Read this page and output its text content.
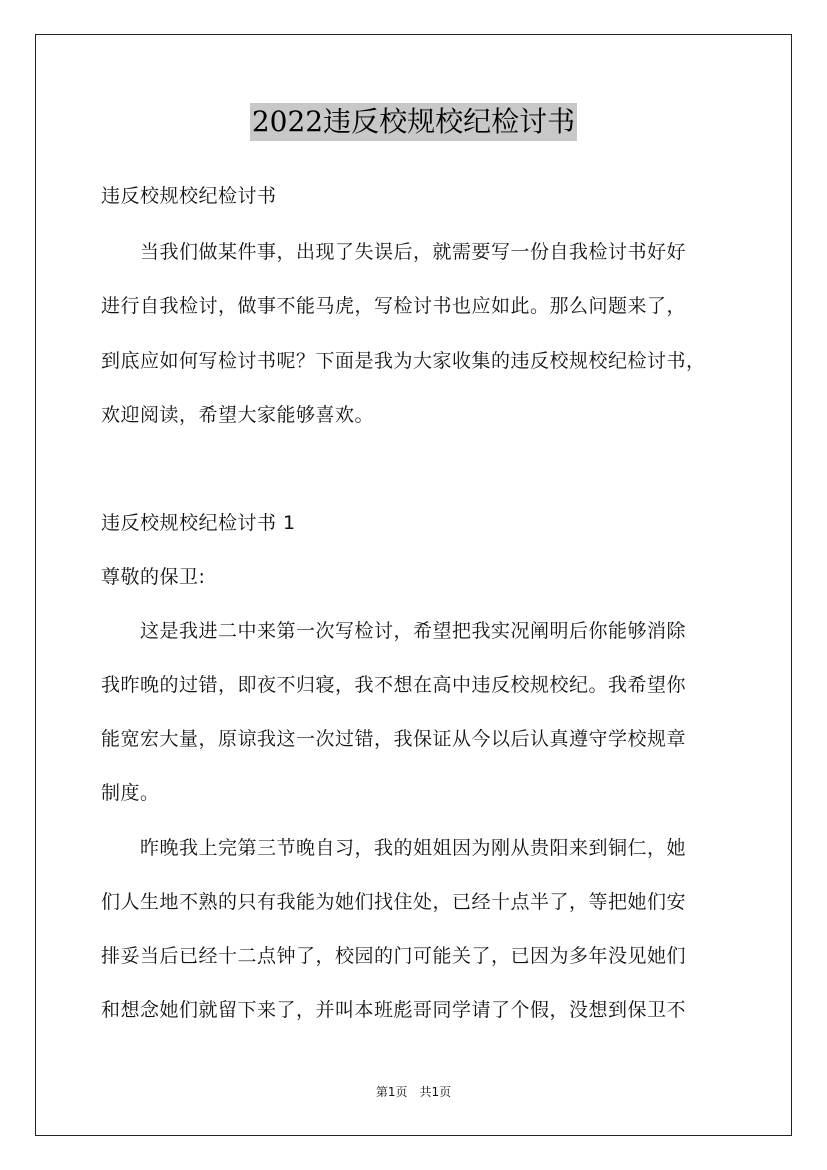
2022违反校规校纪检讨书
违反校规校纪检讨书
　　当我们做某件事，出现了失误后，就需要写一份自我检讨书好好
进行自我检讨，做事不能马虎，写检讨书也应如此。那么问题来了，
到底应如何写检讨书呢？下面是我为大家收集的违反校规校纪检讨书，
欢迎阅读，希望大家能够喜欢。
违反校规校纪检讨书 1
尊敬的保卫:
　　这是我进二中来第一次写检讨，希望把我实况阐明后你能够消除
我昨晚的过错，即夜不归寝，我不想在高中违反校规校纪。我希望你
能宽宏大量，原谅我这一次过错，我保证从今以后认真遵守学校规章
制度。
　　昨晚我上完第三节晚自习，我的姐姐因为刚从贵阳来到铜仁，她
们人生地不熟的只有我能为她们找住处，已经十点半了，等把她们安
排妥当后已经十二点钟了，校园的门可能关了，已因为多年没见她们
和想念她们就留下来了，并叫本班彪哥同学请了个假，没想到保卫不
第1页　共1页
